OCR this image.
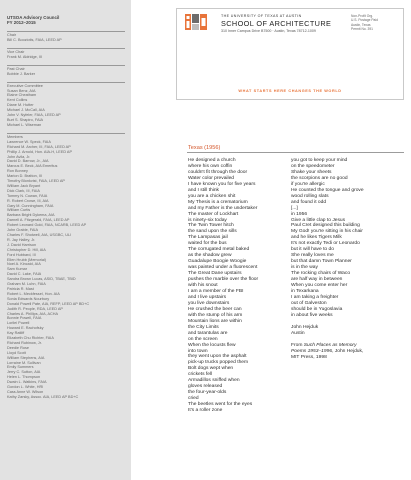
UTSOA Advisory Council
FY 2012–2015
Chair
Bill C. Booziotis, FAIA, LEED AP
Vice Chair
Frank M. Aldridge, III
Past Chair
Bobbie J. Barker
Executive Committee
Susan Benz, AIA
Elaine Cheatham
Kent Collins
Diane M. Hutter
Michael J. McCall, AIA
John V. Nyfeler, FAIA, LEED AP
Burt S. Shapiro, FAIA
Michael L. Wiseman
Members
Lawrence W. Speck, FAIA
Richard M. Archer, III, FAIA, LEED AP
Phillip J. Arnold, Hon. AIA-H, LEED AP
John Avila, Jr.
David D. Barrow, Jr., AIA
Marcus E. Beck, AIA Emeritus
Ron Bonney
Marion D. Bratton, III
Timothy Blonkvist, FAIA, LEED AP
William Jack Bryant
Dick Clark, III, FAIA
Tommy N. Cowan, FAIA
R. Robert Crowe, III, AIA
Gary M. Cunningham, FAIA
William Curtis
Barbara Bright Dykema, AIA
Darnell A. Fitzgerald, FAIA, LEED AP
Robert Leonard Gold, FAIA, NCARB, LEED AP
John Grable, FAIA
Charles F. Shotwell, AIA, USGBC, ULI
R. Jay Halley, Jr.
J. David Harrison
Christopher D. Hill, AIA
Ford Hubbard, III
Ellen Hrubb (Memorial)
Noel A. Kincaid, AIA
Sam Kumar
David C. Lake, FAIA
Sandra Brown Lucas, ASID, TBAE, TBID
Graham M. Luhn, FAIA
Patricia R. Mast
Robert L. Meckfessel, Hon. AIA
Sonia Edwards Nourbury
Donald Powell Pate, AIA, REFP, LEED AP BD+C
Judith R. People, RDA, LEED AP
Charles A. Phillips, AIA, ACHA
Bonnie Powell, FAIA
Lorilei Powell
Howard E. Rachofsky
Kay Ratliff
Elizabeth Chu Richter, FAIA
Richard Rubinow, Jr.
Deedie Rose
Lloyd Scott
William Stephens, AIA
Lorraine M. Sullivan
Emily Summers
Jerry C. Sutton, AIA
Helen L. Thompson
Dwain L. Watkins, FAIA
Gordon L. White, HRI
Cass Anne W. Wilson
Kathy Zarsky, Assoc. AIA, LEED AP BD+C
THE UNIVERSITY OF TEXAS AT AUSTIN
SCHOOL OF ARCHITECTURE
310 Inner Campus Drive B7500 · Austin, Texas 78712-1009
Non-Profit Org.
U.S. Postage Paid
Austin, Texas
Permit No. 391
WHAT STARTS HERE CHANGES THE WORLD
Texas (1956)
He designed a church
where his own coffin
couldn't fit through the door
Water color prevailed
I have known you for five years
and I still think
you are a chicken shit
My Thesis is a crematorium
and my Father is the undertaker
The master of Lockhart
is ninety-six today
The Twin Tower hitch
the sand upon the sills
The Lampasas jail
waited for the bus
The corrugated metal baked
as the shadow grew
Guadalupe Boogie Woogie
was painted under a fluorescent
The Great Dane upstairs
pushes the marble over the floor
with his snout
I am a member of the FBI
and I live upstairs
you live downstairs
He crushed the beer can
with the stump of his arm
Mountain lions are within
the City Limits
and tarantulas are
on the screen
When the locusts flew
into town
they went upon the asphalt
pick-up trucks popped them
Bolt dogs wept when
crickets fell
Armadillos sniffed when
gloves released
the four-year-olds
cried
The beetles went for the eyes
It's a roller zone
you got to keep your mind
on the speedometer
Shake your sheets
the scorpions are no good
if you're allergic
He counted the tongue and grove
wood rolling slats
and found it odd
[...]
in 1956
Give a little clap to Jesus
Paul Cret designed this building
My God! you're sitting in his chair
and he likes Tigers Milk
It's not exactly Tedi or Leonardo
but it will have to do
She really loves me
but that damn Town Planner
is in the way
The rocking chairs of Waco
are half way in between
When you come enter her
in Texarkana
I am taking a freighter
out of Galveston
should be in Yugoslavia
in about five weeks
John Hejduk
Austin
From Such Places as Memory
Poems 1953–1996, John Hejduk,
MIT Press, 1998
